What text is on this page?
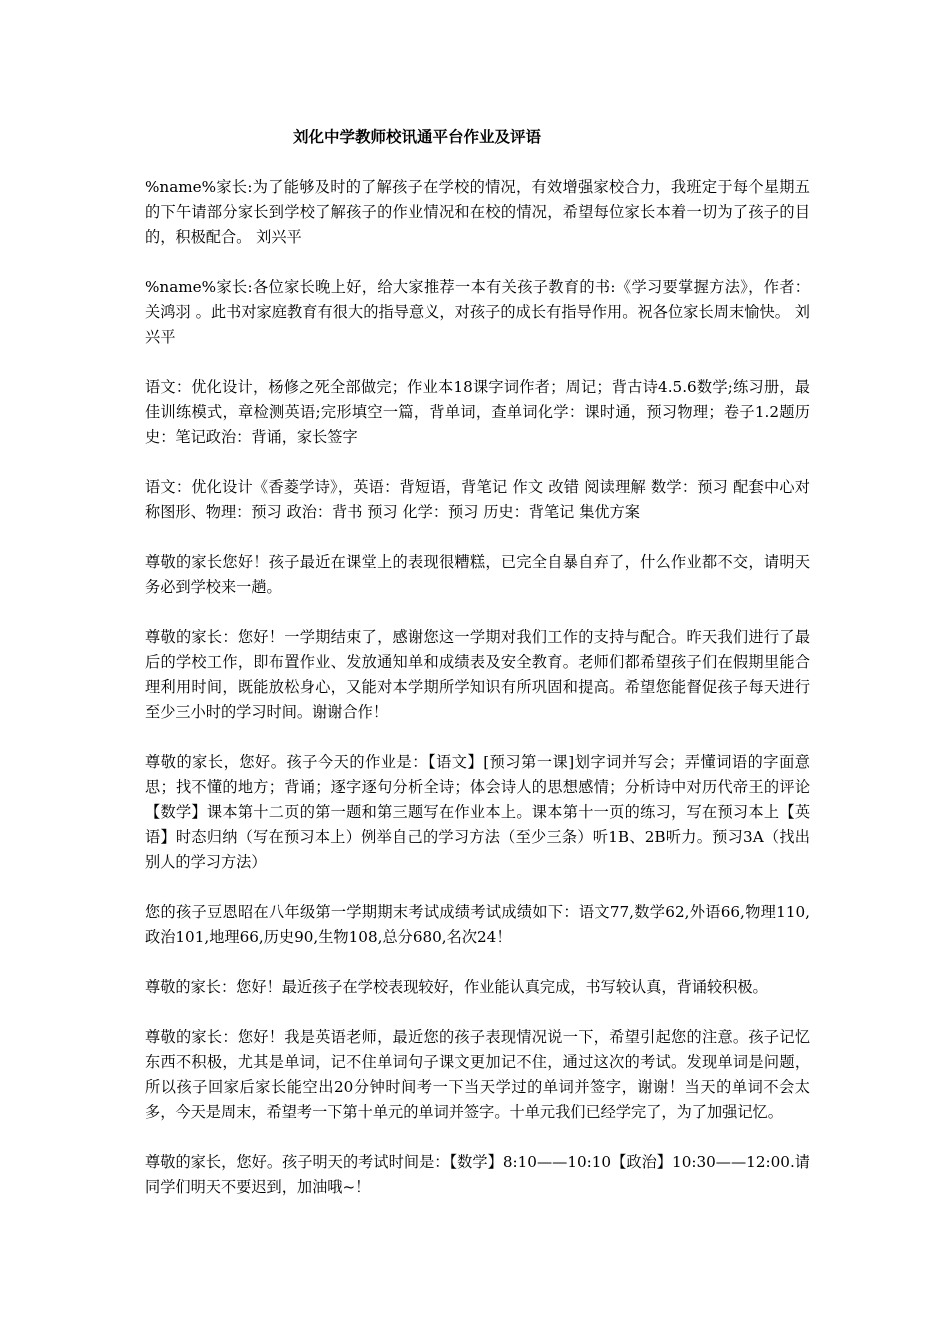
刘化中学教师校讯通平台作业及评语

%name%家长:为了能够及时的了解孩子在学校的情况，有效增强家校合力，我班定于每个星期五的下午请部分家长到学校了解孩子的作业情况和在校的情况，希望每位家长本着一切为了孩子的目的，积极配合。 刘兴平

%name%家长:各位家长晚上好，给大家推荐一本有关孩子教育的书:《学习要掌握方法》，作者：关鸿羽 。此书对家庭教育有很大的指导意义，对孩子的成长有指导作用。祝各位家长周末愉快。 刘兴平

语文：优化设计，杨修之死全部做完；作业本18课字词作者；周记；背古诗4.5.6数学;练习册，最佳训练模式，章检测英语;完形填空一篇，背单词，查单词化学：课时通，预习物理；卷子1.2题历史：笔记政治：背诵，家长签字

语文：优化设计《香菱学诗》，英语：背短语，背笔记 作文 改错 阅读理解 数学：预习 配套中心对称图形、物理：预习 政治：背书 预习 化学：预习 历史：背笔记 集优方案

尊敬的家长您好！孩子最近在课堂上的表现很糟糕，已完全自暴自弃了，什么作业都不交，请明天务必到学校来一趟。

尊敬的家长：您好！一学期结束了，感谢您这一学期对我们工作的支持与配合。昨天我们进行了最后的学校工作，即布置作业、发放通知单和成绩表及安全教育。老师们都希望孩子们在假期里能合理利用时间，既能放松身心，又能对本学期所学知识有所巩固和提高。希望您能督促孩子每天进行至少三小时的学习时间。谢谢合作！

尊敬的家长，您好。孩子今天的作业是：【语文】[预习第一课]划字词并写会；弄懂词语的字面意思；找不懂的地方；背诵；逐字逐句分析全诗；体会诗人的思想感情；分析诗中对历代帝王的评论【数学】课本第十二页的第一题和第三题写在作业本上。课本第十一页的练习，写在预习本上【英语】时态归纳（写在预习本上）例举自己的学习方法（至少三条）听1B、2B听力。预习3A（找出别人的学习方法）

您的孩子豆恩昭在八年级第一学期期末考试成绩考试成绩如下：语文77,数学62,外语66,物理110,政治101,地理66,历史90,生物108,总分680,名次24！

尊敬的家长：您好！最近孩子在学校表现较好，作业能认真完成，书写较认真，背诵较积极。

尊敬的家长：您好！我是英语老师，最近您的孩子表现情况说一下，希望引起您的注意。孩子记忆东西不积极，尤其是单词，记不住单词句子课文更加记不住，通过这次的考试。发现单词是问题，所以孩子回家后家长能空出20分钟时间考一下当天学过的单词并签字，谢谢！当天的单词不会太多，今天是周末，希望考一下第十单元的单词并签字。十单元我们已经学完了，为了加强记忆。

尊敬的家长，您好。孩子明天的考试时间是：【数学】8:10——10:10【政治】10:30——12:00.请同学们明天不要迟到，加油哦~！
